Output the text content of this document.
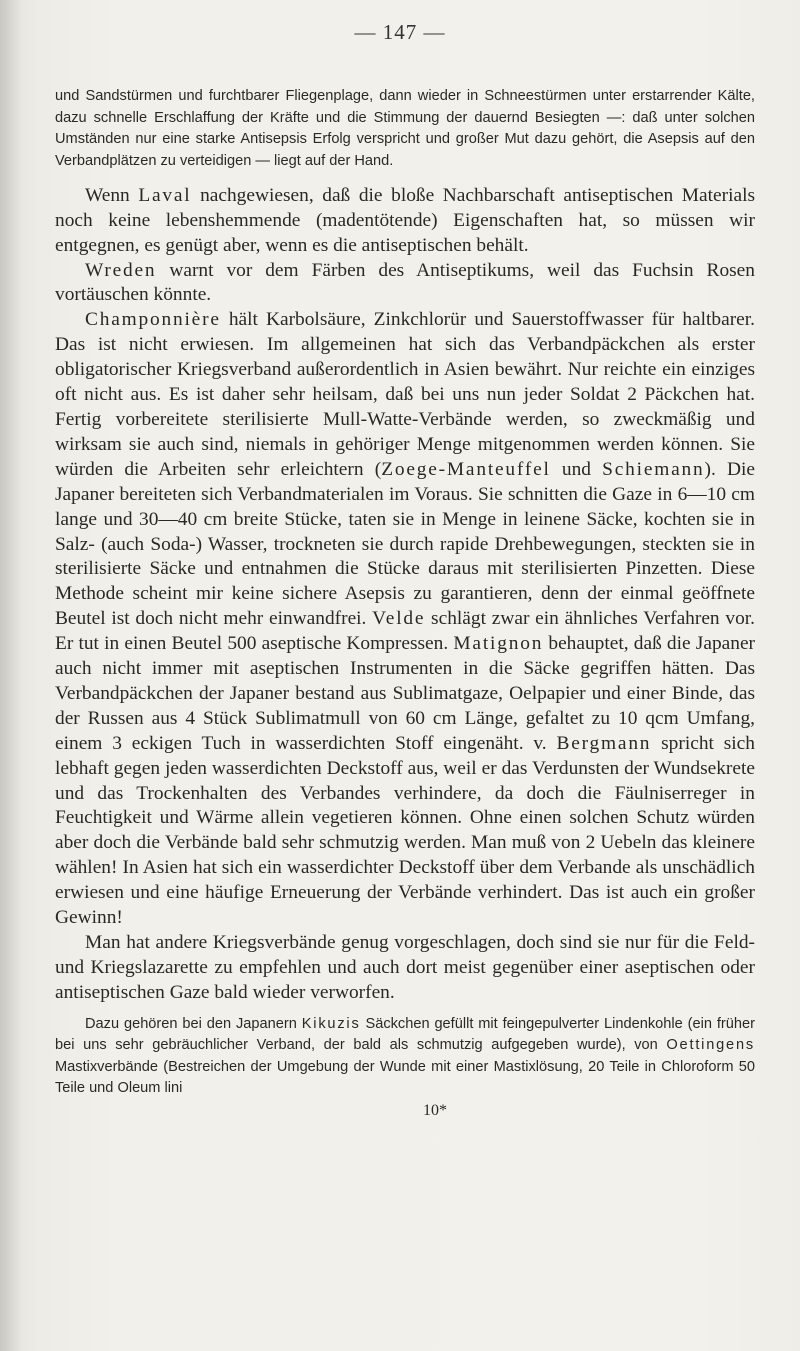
— 147 —

und Sandstürmen und furchtbarer Fliegenplage, dann wieder in Schneestürmen unter erstarrender Kälte, dazu schnelle Erschlaffung der Kräfte und die Stimmung der dauernd Besiegten —: daß unter solchen Umständen nur eine starke Antisepsis Erfolg verspricht und großer Mut dazu gehört, die Asepsis auf den Verbandplätzen zu verteidigen — liegt auf der Hand.

Wenn Laval nachgewiesen, daß die bloße Nachbarschaft antiseptischen Materials noch keine lebenshemmende (madentötende) Eigenschaften hat, so müssen wir entgegnen, es genügt aber, wenn es die antiseptischen behält.

Wreden warnt vor dem Färben des Antiseptikums, weil das Fuchsin Rosen vortäuschen könnte.

Champonnière hält Karbolsäure, Zinkchlorür und Sauerstoffwasser für haltbarer. Das ist nicht erwiesen. Im allgemeinen hat sich das Verbandpäckchen als erster obligatorischer Kriegsverband außerordentlich in Asien bewährt. Nur reichte ein einziges oft nicht aus. Es ist daher sehr heilsam, daß bei uns nun jeder Soldat 2 Päckchen hat. Fertig vorbereitete sterilisierte Mull-Watte-Verbände werden, so zweckmäßig und wirksam sie auch sind, niemals in gehöriger Menge mitgenommen werden können. Sie würden die Arbeiten sehr erleichtern (Zoege-Manteuffel und Schiemann). Die Japaner bereiteten sich Verbandmaterialen im Voraus. Sie schnitten die Gaze in 6—10 cm lange und 30—40 cm breite Stücke, taten sie in Menge in leinene Säcke, kochten sie in Salz- (auch Soda-) Wasser, trockneten sie durch rapide Drehbewegungen, steckten sie in sterilisierte Säcke und entnahmen die Stücke daraus mit sterilisierten Pinzetten. Diese Methode scheint mir keine sichere Asepsis zu garantieren, denn der einmal geöffnete Beutel ist doch nicht mehr einwandfrei. Velde schlägt zwar ein ähnliches Verfahren vor. Er tut in einen Beutel 500 aseptische Kompressen. Matignon behauptet, daß die Japaner auch nicht immer mit aseptischen Instrumenten in die Säcke gegriffen hätten. Das Verbandpäckchen der Japaner bestand aus Sublimatgaze, Oelpapier und einer Binde, das der Russen aus 4 Stück Sublimatmull von 60 cm Länge, gefaltet zu 10 qcm Umfang, einem 3 eckigen Tuch in wasserdichten Stoff eingenäht. v. Bergmann spricht sich lebhaft gegen jeden wasserdichten Deckstoff aus, weil er das Verdunsten der Wundsekrete und das Trockenhalten des Verbandes verhindere, da doch die Fäulniserreger in Feuchtigkeit und Wärme allein vegetieren können. Ohne einen solchen Schutz würden aber doch die Verbände bald sehr schmutzig werden. Man muß von 2 Uebeln das kleinere wählen! In Asien hat sich ein wasserdichter Deckstoff über dem Verbande als unschädlich erwiesen und eine häufige Erneuerung der Verbände verhindert. Das ist auch ein großer Gewinn!

Man hat andere Kriegsverbände genug vorgeschlagen, doch sind sie nur für die Feld- und Kriegslazarette zu empfehlen und auch dort meist gegenüber einer aseptischen oder antiseptischen Gaze bald wieder verworfen.

Dazu gehören bei den Japanern Kikuzis Säckchen gefüllt mit feingepulverter Lindenkohle (ein früher bei uns sehr gebräuchlicher Verband, der bald als schmutzig aufgegeben wurde), von Oettingens Mastixverbände (Bestreichen der Umgebung der Wunde mit einer Mastixlösung, 20 Teile in Chloroform 50 Teile und Oleum lini

10*
